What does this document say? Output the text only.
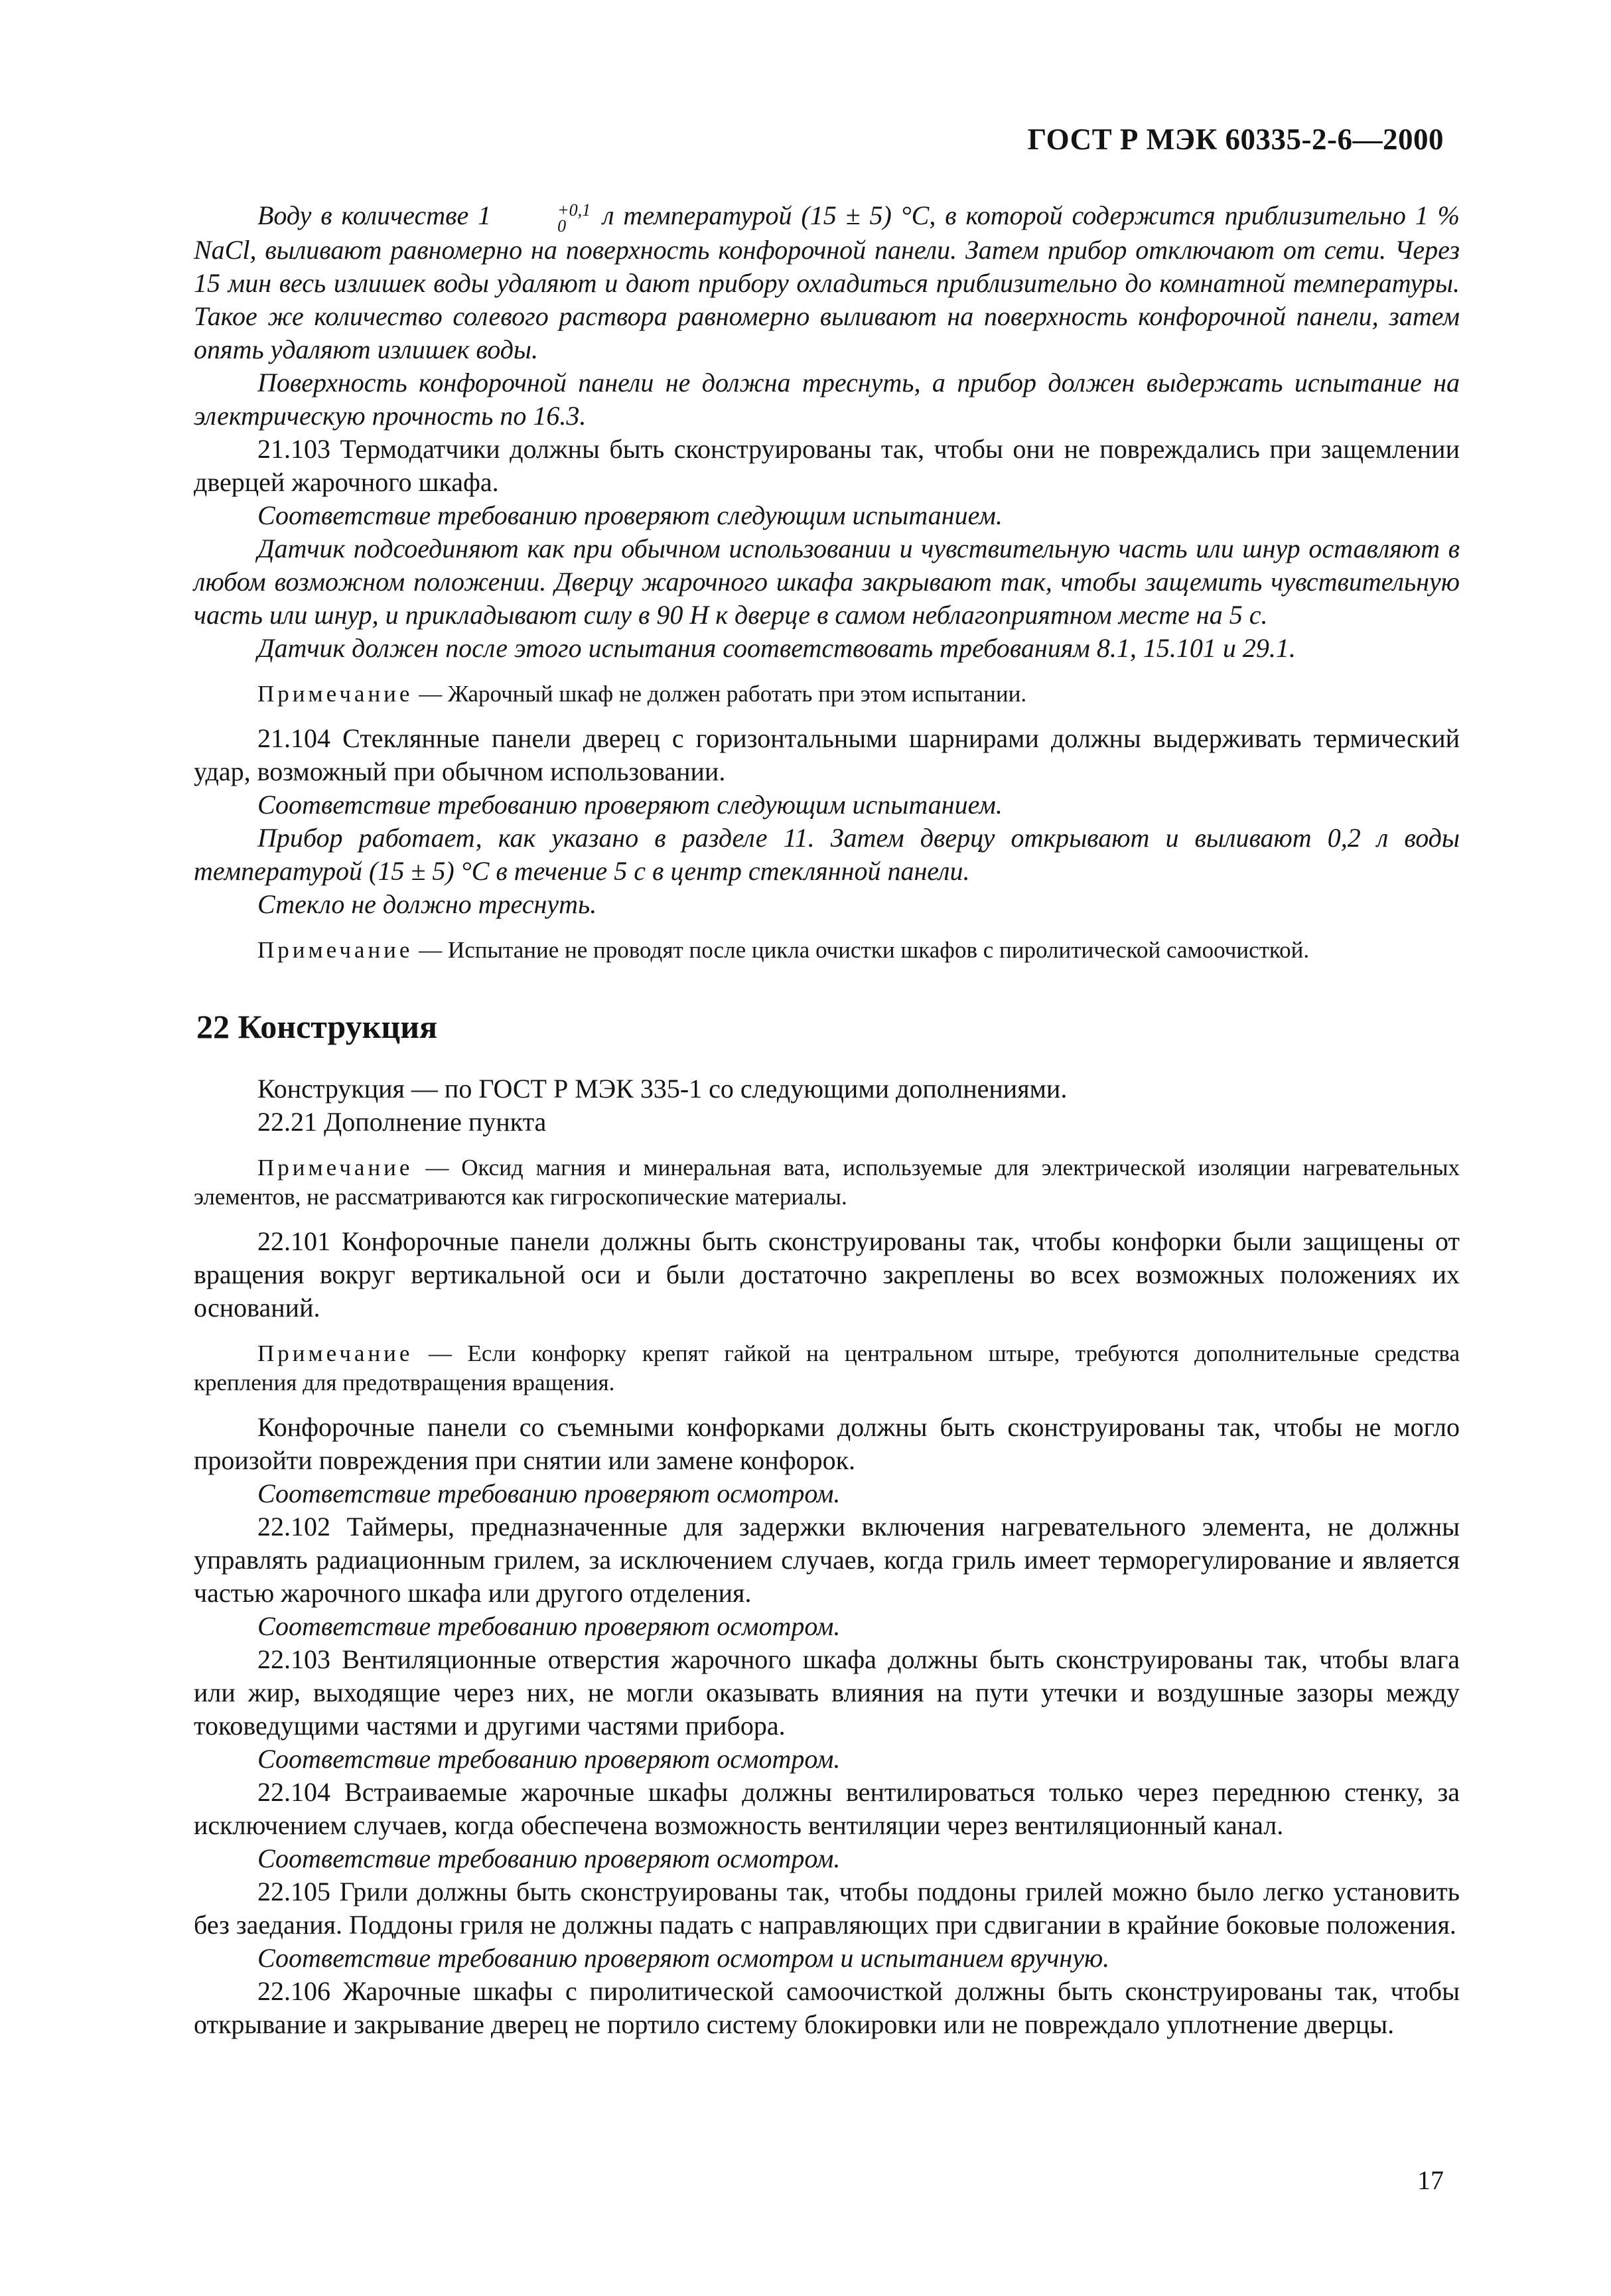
ГОСТ Р МЭК 60335-2-6—2000

Воду в количестве 1	+0,1
0	л температурой (15 ± 5) °С, в которой содержится приблизительно 1 % NaCl, выливают равномерно на поверхность конфорочной панели. Затем прибор отключают от сети. Через 15 мин весь излишек воды удаляют и дают прибору охладиться приблизительно до комнатной температуры. Такое же количество солевого раствора равномерно выливают на поверхность конфорочной панели, затем опять удаляют излишек воды.

Поверхность конфорочной панели не должна треснуть, а прибор должен выдержать испытание на электрическую прочность по 16.3.

21.103 Термодатчики должны быть сконструированы так, чтобы они не повреждались при защемлении дверцей жарочного шкафа.

Соответствие требованию проверяют следующим испытанием.

Датчик подсоединяют как при обычном использовании и чувствительную часть или шнур оставляют в любом возможном положении. Дверцу жарочного шкафа закрывают так, чтобы защемить чувствительную часть или шнур, и прикладывают силу в 90 Н к дверце в самом неблагоприятном месте на 5 с.

Датчик должен после этого испытания соответствовать требованиям 8.1, 15.101 и 29.1.

Примечание — Жарочный шкаф не должен работать при этом испытании.

21.104 Стеклянные панели дверец с горизонтальными шарнирами должны выдерживать термический удар, возможный при обычном использовании.

Соответствие требованию проверяют следующим испытанием.

Прибор работает, как указано в разделе 11. Затем дверцу открывают и выливают 0,2 л воды температурой (15 ± 5) °С в течение 5 с в центр стеклянной панели.

Стекло не должно треснуть.

Примечание — Испытание не проводят после цикла очистки шкафов с пиролитической самоочисткой.

22 Конструкция

Конструкция — по ГОСТ Р МЭК 335-1 со следующими дополнениями.

22.21 Дополнение пункта

Примечание — Оксид магния и минеральная вата, используемые для электрической изоляции нагревательных элементов, не рассматриваются как гигроскопические материалы.

22.101 Конфорочные панели должны быть сконструированы так, чтобы конфорки были защищены от вращения вокруг вертикальной оси и были достаточно закреплены во всех возможных положениях их оснований.

Примечание — Если конфорку крепят гайкой на центральном штыре, требуются дополнительные средства крепления для предотвращения вращения.

Конфорочные панели со съемными конфорками должны быть сконструированы так, чтобы не могло произойти повреждения при снятии или замене конфорок.

Соответствие требованию проверяют осмотром.

22.102 Таймеры, предназначенные для задержки включения нагревательного элемента, не должны управлять радиационным грилем, за исключением случаев, когда гриль имеет терморегулирование и является частью жарочного шкафа или другого отделения.

Соответствие требованию проверяют осмотром.

22.103 Вентиляционные отверстия жарочного шкафа должны быть сконструированы так, чтобы влага или жир, выходящие через них, не могли оказывать влияния на пути утечки и воздушные зазоры между токоведущими частями и другими частями прибора.

Соответствие требованию проверяют осмотром.

22.104 Встраиваемые жарочные шкафы должны вентилироваться только через переднюю стенку, за исключением случаев, когда обеспечена возможность вентиляции через вентиляционный канал.

Соответствие требованию проверяют осмотром.

22.105 Грили должны быть сконструированы так, чтобы поддоны грилей можно было легко установить без заедания. Поддоны гриля не должны падать с направляющих при сдвигании в крайние боковые положения.

Соответствие требованию проверяют осмотром и испытанием вручную.

22.106 Жарочные шкафы с пиролитической самоочисткой должны быть сконструированы так, чтобы открывание и закрывание дверец не портило систему блокировки или не повреждало уплотнение дверцы.

17
